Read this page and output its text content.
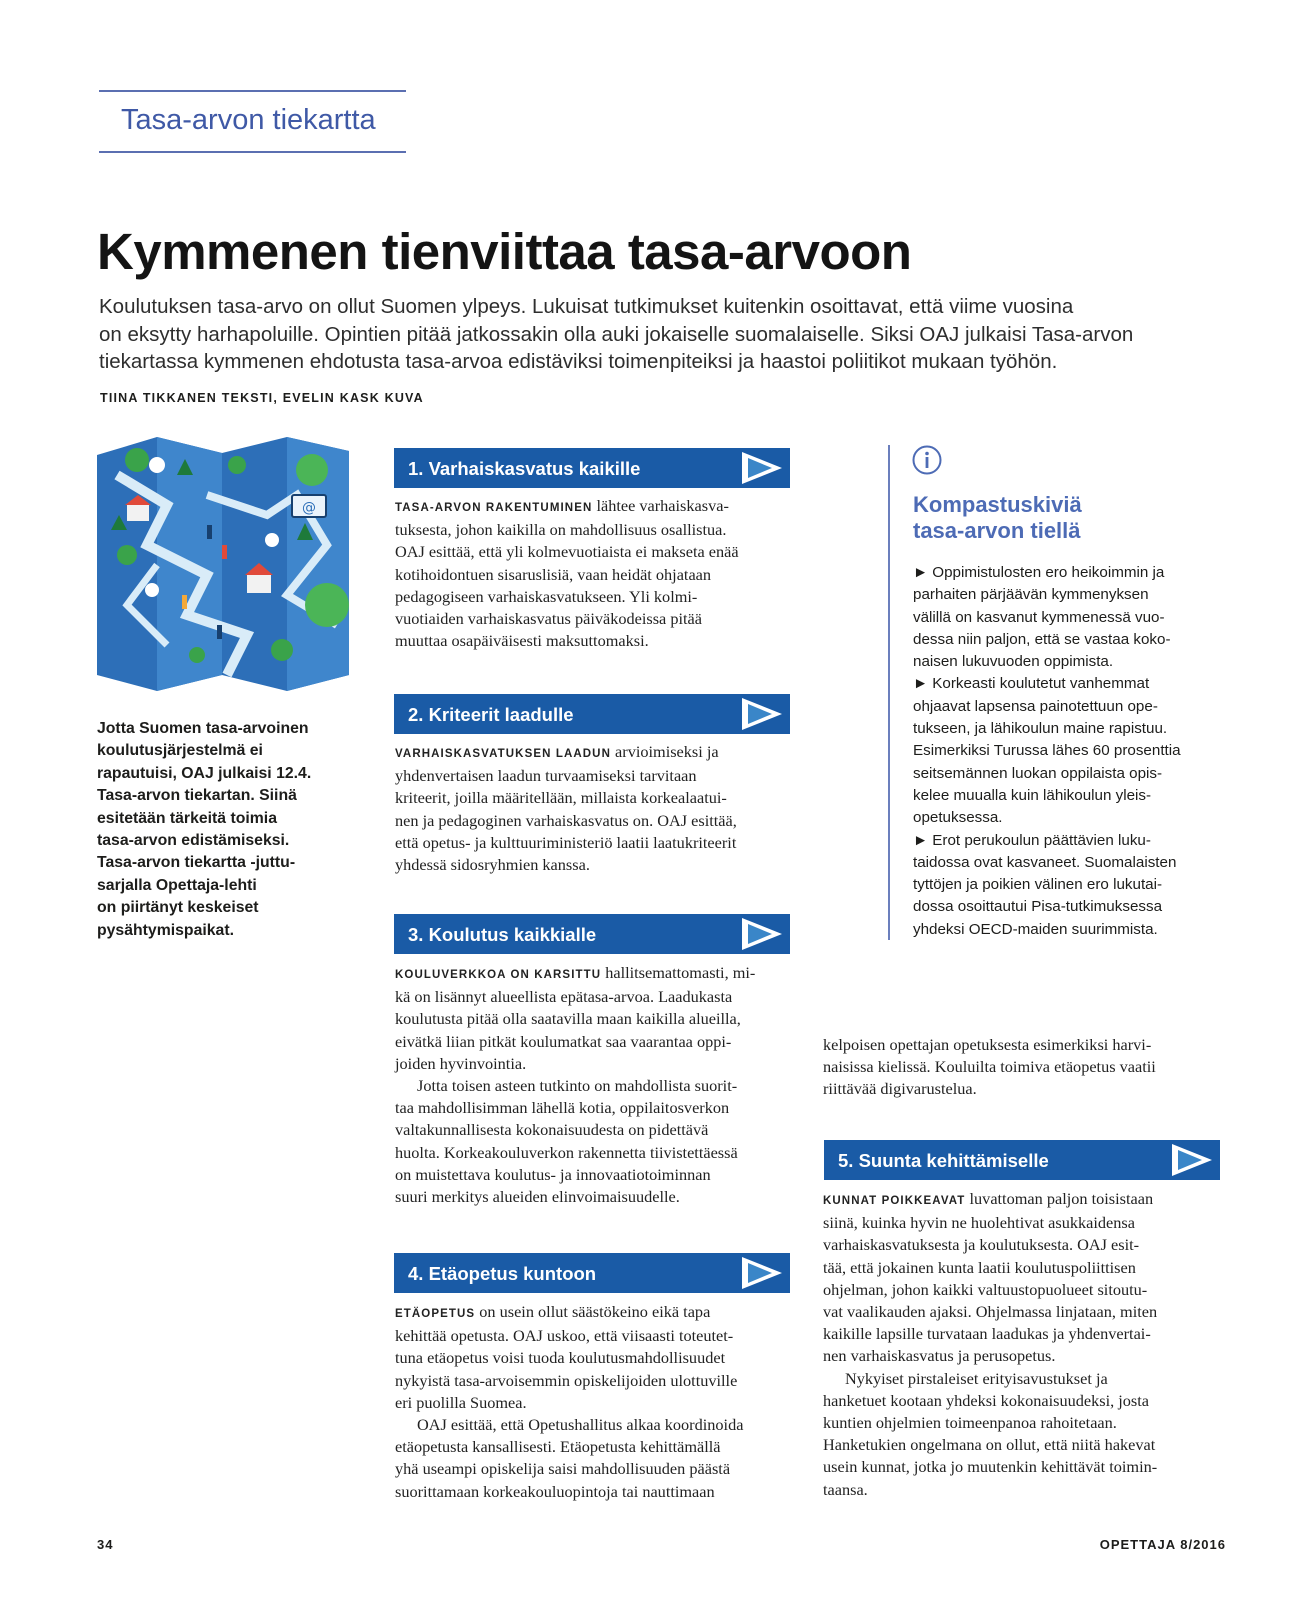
Tasa-arvon tiekartta
Kymmenen tienviittaa tasa-arvoon
Koulutuksen tasa-arvo on ollut Suomen ylpeys. Lukuisat tutkimukset kuitenkin osoittavat, että viime vuosina
on eksytty harhapoluille. Opintien pitää jatkossakin olla auki jokaiselle suomalaiselle. Siksi OAJ julkaisi Tasa-arvon
tiekartassa kymmenen ehdotusta tasa-arvoa edistäviksi toimenpiteiksi ja haastoi poliitikot mukaan työhön.
TIINA TIKKANEN TEKSTI, EVELIN KASK KUVA
@
Jotta Suomen tasa-arvoinen
koulutusjärjestelmä ei
rapautuisi, OAJ julkaisi 12.4.
Tasa-arvon tiekartan. Siinä
esitetään tärkeitä toimia
tasa-arvon edistämiseksi.
Tasa-arvon tiekartta -juttu-
sarjalla Opettaja-lehti
on piirtänyt keskeiset
pysähtymispaikat.
1. Varhaiskasvatus kaikille
TASA-ARVON RAKENTUMINEN lähtee varhaiskasva-
tuksesta, johon kaikilla on mahdollisuus osallistua.
OAJ esittää, että yli kolmevuotiaista ei makseta enää
kotihoidontuen sisaruslisiä, vaan heidät ohjataan
pedagogiseen varhaiskasvatukseen. Yli kolmi-
vuotiaiden varhaiskasvatus päiväkodeissa pitää
muuttaa osapäiväisesti maksuttomaksi.
2. Kriteerit laadulle
VARHAISKASVATUKSEN LAADUN arvioimiseksi ja
yhdenvertaisen laadun turvaamiseksi tarvitaan
kriteerit, joilla määritellään, millaista korkealaatui-
nen ja pedagoginen varhaiskasvatus on. OAJ esittää,
että opetus- ja kulttuuriministeriö laatii laatukriteerit
yhdessä sidosryhmien kanssa.
3. Koulutus kaikkialle
KOULUVERKKOA ON KARSITTU hallitsemattomasti, mi-
kä on lisännyt alueellista epätasa-arvoa. Laadukasta
koulutusta pitää olla saatavilla maan kaikilla alueilla,
eivätkä liian pitkät koulumatkat saa vaarantaa oppi-
joiden hyvinvointia.
Jotta toisen asteen tutkinto on mahdollista suorit-
taa mahdollisimman lähellä kotia, oppilaitosverkon
valtakunnallisesta kokonaisuudesta on pidettävä
huolta. Korkeakouluverkon rakennetta tiivistettäessä
on muistettava koulutus- ja innovaatiotoiminnan
suuri merkitys alueiden elinvoimaisuudelle.
4. Etäopetus kuntoon
ETÄOPETUS on usein ollut säästökeino eikä tapa
kehittää opetusta. OAJ uskoo, että viisaasti toteutet-
tuna etäopetus voisi tuoda koulutusmahdollisuudet
nykyistä tasa-arvoisemmin opiskelijoiden ulottuville
eri puolilla Suomea.
OAJ esittää, että Opetushallitus alkaa koordinoida
etäopetusta kansallisesti. Etäopetusta kehittämällä
yhä useampi opiskelija saisi mahdollisuuden päästä
suorittamaan korkeakouluopintoja tai nauttimaan
kelpoisen opettajan opetuksesta esimerkiksi harvi-
naisissa kielissä. Kouluilta toimiva etäopetus vaatii
riittävää digivarustelua.
5. Suunta kehittämiselle
KUNNAT POIKKEAVAT luvattoman paljon toisistaan
siinä, kuinka hyvin ne huolehtivat asukkaidensa
varhaiskasvatuksesta ja koulutuksesta. OAJ esit-
tää, että jokainen kunta laatii koulutuspoliittisen
ohjelman, johon kaikki valtuustopuolueet sitoutu-
vat vaalikauden ajaksi. Ohjelmassa linjataan, miten
kaikille lapsille turvataan laadukas ja yhdenvertai-
nen varhaiskasvatus ja perusopetus.
Nykyiset pirstaleiset erityisavustukset ja
hanketuet kootaan yhdeksi kokonaisuudeksi, josta
kuntien ohjelmien toimeenpanoa rahoitetaan.
Hanketukien ongelmana on ollut, että niitä hakevat
usein kunnat, jotka jo muutenkin kehittävät toimin-
taansa.
Kompastuskiviä
tasa-arvon tiellä
► Oppimistulosten ero heikoimmin ja
parhaiten pärjäävän kymmenyksen
välillä on kasvanut kymmenessä vuo-
dessa niin paljon, että se vastaa koko-
naisen lukuvuoden oppimista.
► Korkeasti koulutetut vanhemmat
ohjaavat lapsensa painotettuun ope-
tukseen, ja lähikoulun maine rapistuu.
Esimerkiksi Turussa lähes 60 prosenttia
seitsemännen luokan oppilaista opis-
kelee muualla kuin lähikoulun yleis-
opetuksessa.
► Erot perukoulun päättävien luku-
taidossa ovat kasvaneet. Suomalaisten
tyttöjen ja poikien välinen ero lukutai-
dossa osoittautui Pisa-tutkimuksessa
yhdeksi OECD-maiden suurimmista.
34	OPETTAJA 8/2016
